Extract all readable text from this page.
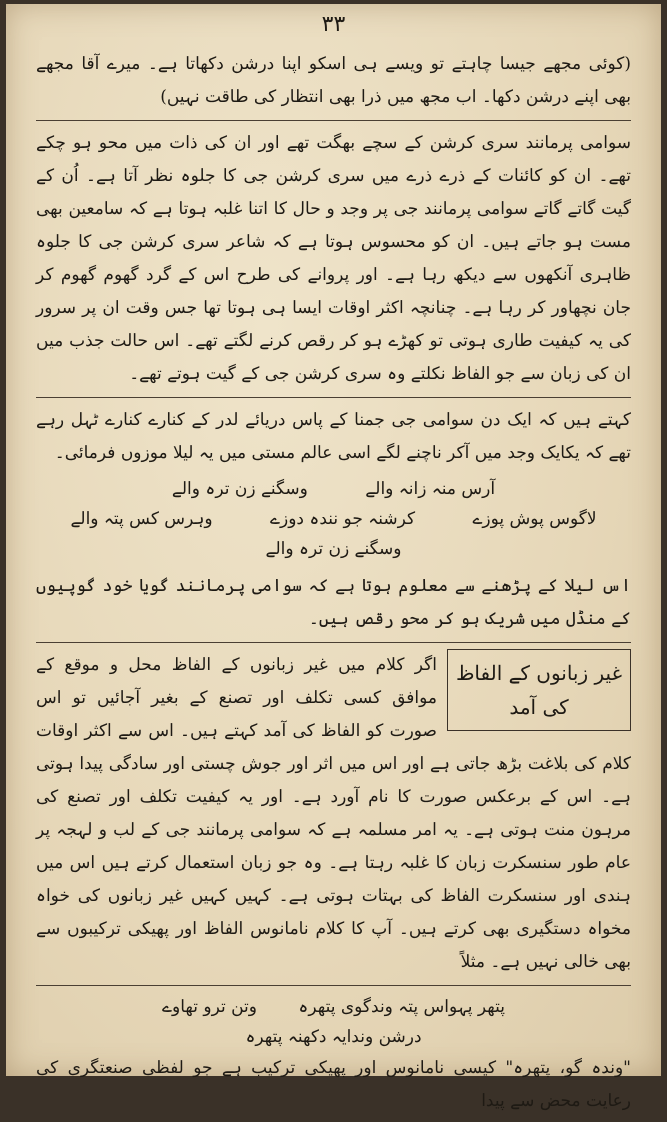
٣٣

(کوئی مجھے جیسا چاہتے تو ویسے ہی اسکو اپنا درشن دکھاتا ہے۔ میرے آقا مجھے بھی اپنے درشن دکھا۔ اب مجھ میں ذرا بھی انتظار کی طاقت نہیں)

سوامی پرمانند سری کرشن کے سچے بھگت تھے اور ان کی ذات میں محو ہو چکے تھے۔ ان کو کائنات کے ذرے ذرے میں سری کرشن جی کا جلوہ نظر آتا ہے۔ اُن کے گیت گاتے گاتے سوامی پرمانند جی پر وجد و حال کا اتنا غلبہ ہوتا ہے کہ سامعین بھی مست ہو جاتے ہیں۔ ان کو محسوس ہوتا ہے کہ شاعر سری کرشن جی کا جلوہ ظاہری آنکھوں سے دیکھ رہا ہے۔ اور پروانے کی طرح اس کے گرد گھوم گھوم کر جان نچھاور کر رہا ہے۔ چنانچہ اکثر اوقات ایسا ہی ہوتا تھا جس وقت ان پر سرور کی یہ کیفیت طاری ہوتی تو کھڑے ہو کر رقص کرنے لگتے تھے۔ اس حالت جذب میں ان کی زبان سے جو الفاظ نکلتے وہ سری کرشن جی کے گیت ہوتے تھے۔

کہتے ہیں کہ ایک دن سوامی جی جمنا کے پاس دریائے لدر کے کنارے کنارے ٹہل رہے تھے کہ یکایک وجد میں آکر ناچنے لگے اسی عالم مستی میں یہ لیلا موزوں فرمائی۔

آرس منہ زانہ والے وسگنے زن ترہ والے
لاگوس پوش پوزے کرشنہ جو نندہ دوزے وہرس کس پتہ والے وسگنے زن ترہ والے

اس لیلا کے پڑھنے سے معلوم ہوتا ہے کہ سوامی پرمانند گویا خود گوپیوں کے منڈل میں شریک ہو کر محو رقص ہیں۔

غیر زبانوں کے الفاظ کی آمد

اگر کلام میں غیر زبانوں کے الفاظ محل و موقع کے موافق کسی تکلف اور تصنع کے بغیر آجائیں تو اس صورت کو الفاظ کی آمد کہتے ہیں۔ اس سے اکثر اوقات کلام کی بلاغت بڑھ جاتی ہے اور اس میں اثر اور جوش چستی اور سادگی پیدا ہوتی ہے۔ اس کے برعکس صورت کا نام آورد ہے۔ اور یہ کیفیت تکلف اور تصنع کی مرہون منت ہوتی ہے۔ یہ امر مسلمہ ہے کہ سوامی پرمانند جی کے لب و لہجہ پر عام طور سنسکرت زبان کا غلبہ رہتا ہے۔ وہ جو زبان استعمال کرتے ہیں اس میں ہندی اور سنسکرت الفاظ کی بہتات ہوتی ہے۔ کہیں کہیں غیر زبانوں کی خواہ مخواہ دستگیری بھی کرتے ہیں۔ آپ کا کلام نامانوس الفاظ اور پھیکی ترکیبوں سے بھی خالی نہیں ہے۔ مثلاً

پتھر پہواس پتہ وندگوی پتھرہ وتن ترو تھاوے درشن وندایہ دکھنہ پتھرہ

"وندہ گو، پتھرہ" کیسی نامانوس اور پھیکی ترکیب ہے جو لفظی صنعتگری کی رعایت محض سے پیدا
